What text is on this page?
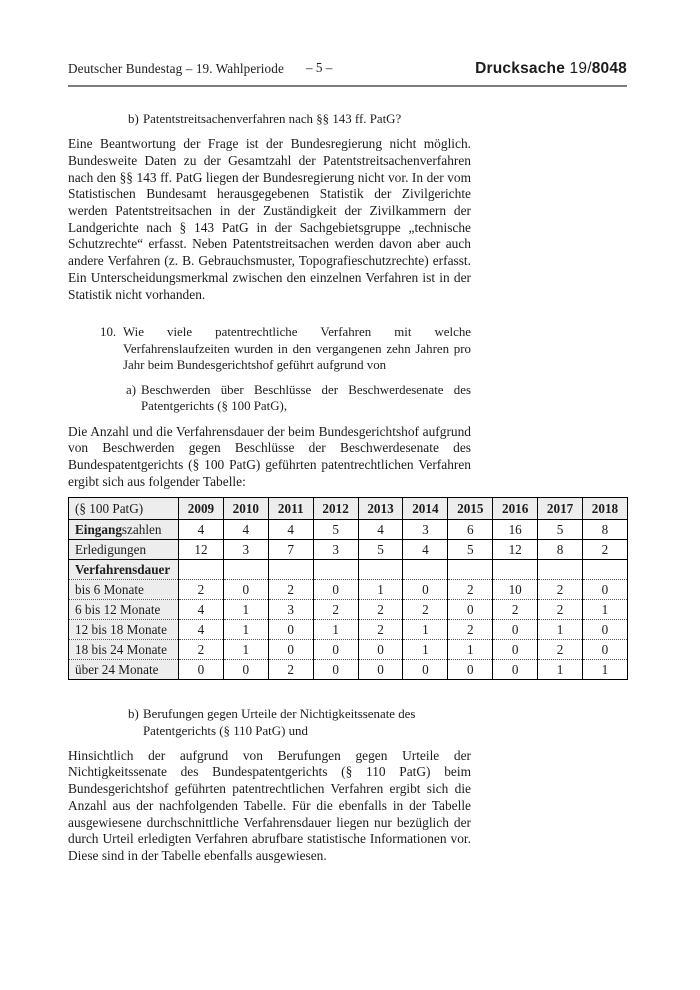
Deutscher Bundestag – 19. Wahlperiode – 5 –	Drucksache 19/8048
b) Patentstreitsachenverfahren nach §§ 143 ff. PatG?
Eine Beantwortung der Frage ist der Bundesregierung nicht möglich. Bundesweite Daten zu der Gesamtzahl der Patentstreitsachenverfahren nach den §§ 143 ff. PatG liegen der Bundesregierung nicht vor. In der vom Statistischen Bundesamt herausgegebenen Statistik der Zivilgerichte werden Patentstreitsachen in der Zuständigkeit der Zivilkammern der Landgerichte nach § 143 PatG in der Sachgebietsgruppe „technische Schutzrechte“ erfasst. Neben Patentstreitsachen werden davon aber auch andere Verfahren (z. B. Gebrauchsmuster, Topografieschutzrechte) erfasst. Ein Unterscheidungsmerkmal zwischen den einzelnen Verfahren ist in der Statistik nicht vorhanden.
10. Wie viele patentrechtliche Verfahren mit welche Verfahrenslaufzeiten wurden in den vergangenen zehn Jahren pro Jahr beim Bundesgerichtshof geführt aufgrund von
a) Beschwerden über Beschlüsse der Beschwerdesenate des Patentgerichts (§ 100 PatG),
Die Anzahl und die Verfahrensdauer der beim Bundesgerichtshof aufgrund von Beschwerden gegen Beschlüsse der Beschwerdesenate des Bundespatentgerichts (§ 100 PatG) geführten patentrechtlichen Verfahren ergibt sich aus folgender Tabelle:
(§ 100 PatG)	2009	2010	2011	2012	2013	2014	2015	2016	2017	2018
Eingangszahlen	4	4	4	5	4	3	6	16	5	8
Erledigungen	12	3	7	3	5	4	5	12	8	2
Verfahrensdauer										
bis 6 Monate	2	0	2	0	1	0	2	10	2	0
6 bis 12 Monate	4	1	3	2	2	2	0	2	2	1
12 bis 18 Monate	4	1	0	1	2	1	2	0	1	0
18 bis 24 Monate	2	1	0	0	0	1	1	0	2	0
über 24 Monate	0	0	2	0	0	0	0	0	1	1
b) Berufungen gegen Urteile der Nichtigkeitssenate des Patentgerichts (§ 110 PatG) und
Hinsichtlich der aufgrund von Berufungen gegen Urteile der Nichtigkeitssenate des Bundespatentgerichts (§ 110 PatG) beim Bundesgerichtshof geführten patentrechtlichen Verfahren ergibt sich die Anzahl aus der nachfolgenden Tabelle. Für die ebenfalls in der Tabelle ausgewiesene durchschnittliche Verfahrensdauer liegen nur bezüglich der durch Urteil erledigten Verfahren abrufbare statistische Informationen vor. Diese sind in der Tabelle ebenfalls ausgewiesen.
